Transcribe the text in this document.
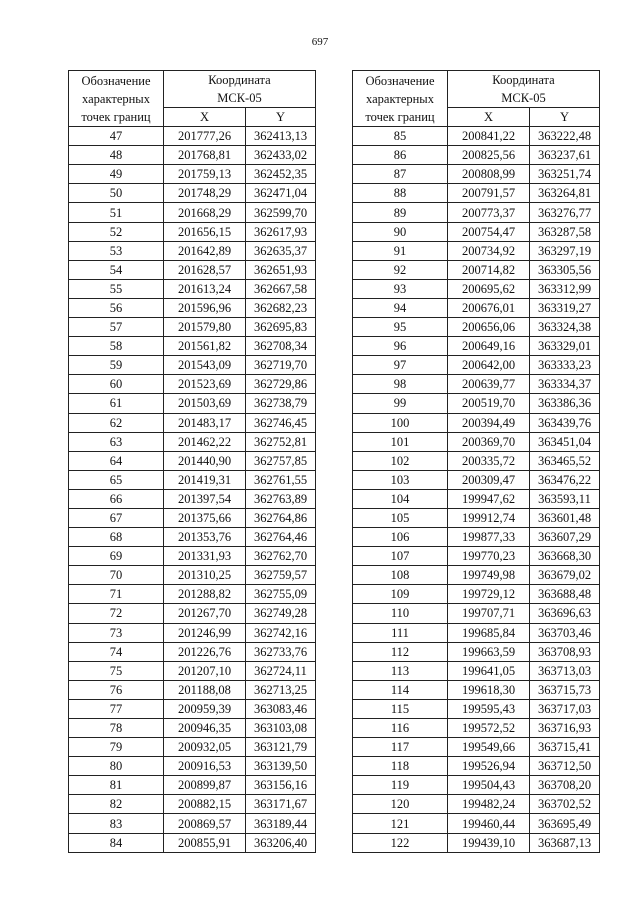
697
Обозначение
характерных
точек границ	Координата
МСК-05	
	X	Y
47	201777,26	362413,13
48	201768,81	362433,02
49	201759,13	362452,35
50	201748,29	362471,04
51	201668,29	362599,70
52	201656,15	362617,93
53	201642,89	362635,37
54	201628,57	362651,93
55	201613,24	362667,58
56	201596,96	362682,23
57	201579,80	362695,83
58	201561,82	362708,34
59	201543,09	362719,70
60	201523,69	362729,86
61	201503,69	362738,79
62	201483,17	362746,45
63	201462,22	362752,81
64	201440,90	362757,85
65	201419,31	362761,55
66	201397,54	362763,89
67	201375,66	362764,86
68	201353,76	362764,46
69	201331,93	362762,70
70	201310,25	362759,57
71	201288,82	362755,09
72	201267,70	362749,28
73	201246,99	362742,16
74	201226,76	362733,76
75	201207,10	362724,11
76	201188,08	362713,25
77	200959,39	363083,46
78	200946,35	363103,08
79	200932,05	363121,79
80	200916,53	363139,50
81	200899,87	363156,16
82	200882,15	363171,67
83	200869,57	363189,44
84	200855,91	363206,40
Обозначение
характерных
точек границ	Координата
МСК-05	
	X	Y
85	200841,22	363222,48
86	200825,56	363237,61
87	200808,99	363251,74
88	200791,57	363264,81
89	200773,37	363276,77
90	200754,47	363287,58
91	200734,92	363297,19
92	200714,82	363305,56
93	200695,62	363312,99
94	200676,01	363319,27
95	200656,06	363324,38
96	200649,16	363329,01
97	200642,00	363333,23
98	200639,77	363334,37
99	200519,70	363386,36
100	200394,49	363439,76
101	200369,70	363451,04
102	200335,72	363465,52
103	200309,47	363476,22
104	199947,62	363593,11
105	199912,74	363601,48
106	199877,33	363607,29
107	199770,23	363668,30
108	199749,98	363679,02
109	199729,12	363688,48
110	199707,71	363696,63
111	199685,84	363703,46
112	199663,59	363708,93
113	199641,05	363713,03
114	199618,30	363715,73
115	199595,43	363717,03
116	199572,52	363716,93
117	199549,66	363715,41
118	199526,94	363712,50
119	199504,43	363708,20
120	199482,24	363702,52
121	199460,44	363695,49
122	199439,10	363687,13
